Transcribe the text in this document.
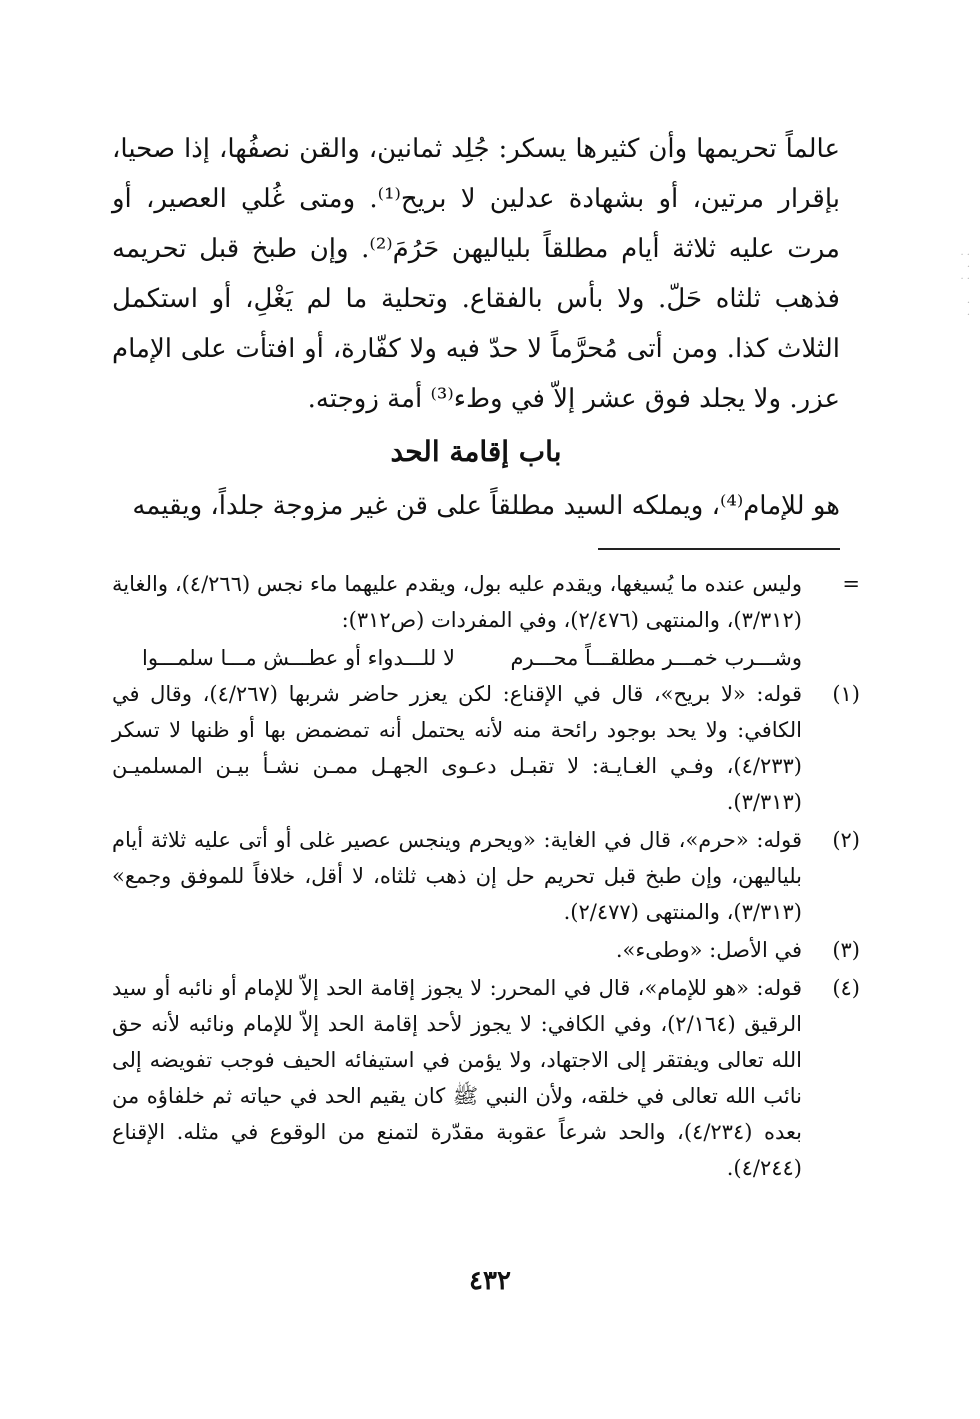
عالماً تحريمها وأن كثيرها يسكر: جُلِد ثمانين، والقن نصفُها، إذا صحيا، بإقرار مرتين، أو بشهادة عدلين لا بريح⁽¹⁾. ومتى غُلي العصير، أو مرت عليه ثلاثة أيام مطلقاً بلياليهن حَرُمَ⁽²⁾. وإن طبخ قبل تحريمه فذهب ثلثاه حَلّ. ولا بأس بالفقاع. وتحلية ما لم يَغْلِ، أو استكمل الثلاث كذا. ومن أتى مُحرَّماً لا حدّ فيه ولا كفّارة، أو افتأت على الإمام عزر. ولا يجلد فوق عشر إلاّ في وطء⁽³⁾ أمة زوجته.

باب إقامة الحد
هو للإمام⁽⁴⁾، ويملكه السيد مطلقاً على قن غير مزوجة جلداً، ويقيمه
=
وليس عنده ما يُسيغها، ويقدم عليه بول، ويقدم عليهما ماء نجس (٤/٢٦٦)، والغاية (٣/٣١٢)، والمنتهى (٢/٤٧٦)، وفي المفردات (ص٣١٢):
وشـــرب خمـــر مطلقـــاً محـــرم
لا للـــدواء أو عطـــش مـــا سلمـــوا
(١)
قوله: «لا بريح»، قال في الإقناع: لكن يعزر حاضر شربها (٤/٢٦٧)، وقال في الكافي: ولا يحد بوجود رائحة منه لأنه يحتمل أنه تمضمض بها أو ظنها لا تسكر (٤/٢٣٣)، وفـي الغـايـة: لا تقبـل دعـوى الجهـل ممـن نشـأ بيـن المسلميـن (٣/٣١٣).
(٢)
قوله: «حرم»، قال في الغاية: «ويحرم وينجس عصير غلى أو أتى عليه ثلاثة أيام بلياليهن، وإن طبخ قبل تحريم حل إن ذهب ثلثاه، لا أقل، خلافاً للموفق وجمع» (٣/٣١٣)، والمنتهى (٢/٤٧٧).
(٣)
في الأصل: «وطىء».
(٤)
قوله: «هو للإمام»، قال في المحرر: لا يجوز إقامة الحد إلاّ للإمام أو نائبه أو سيد الرقيق (٢/١٦٤)، وفي الكافي: لا يجوز لأحد إقامة الحد إلاّ للإمام ونائبه لأنه حق الله تعالى ويفتقر إلى الاجتهاد، ولا يؤمن في استيفائه الحيف فوجب تفويضه إلى نائب الله تعالى في خلقه، ولأن النبي ﷺ كان يقيم الحد في حياته ثم خلفاؤه من بعده (٤/٢٣٤)، والحد شرعاً عقوبة مقدّرة لتمنع من الوقوع في مثله. الإقناع (٤/٢٤٤).
٤٣٢
· ·
·
· ·

·
·
